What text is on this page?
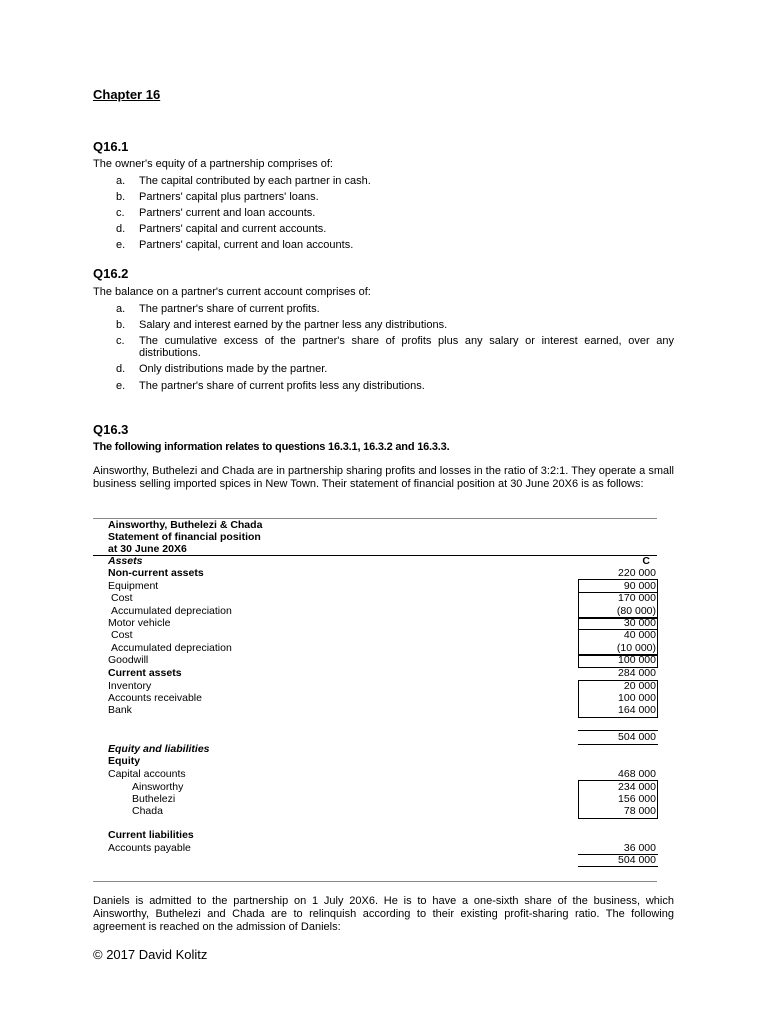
Chapter 16
Q16.1
The owner's equity of a partnership comprises of:
a. The capital contributed by each partner in cash.
b. Partners' capital plus partners' loans.
c. Partners' current and loan accounts.
d. Partners' capital and current accounts.
e. Partners' capital, current and loan accounts.
Q16.2
The balance on a partner's current account comprises of:
a. The partner's share of current profits.
b. Salary and interest earned by the partner less any distributions.
c. The cumulative excess of the partner's share of profits plus any salary or interest earned, over any distributions.
d. Only distributions made by the partner.
e. The partner's share of current profits less any distributions.
Q16.3
The following information relates to questions 16.3.1, 16.3.2 and 16.3.3.
Ainsworthy, Buthelezi and Chada are in partnership sharing profits and losses in the ratio of 3:2:1. They operate a small business selling imported spices in New Town. Their statement of financial position at 30 June 20X6 is as follows:
Ainsworthy, Buthelezi & Chada
Statement of financial position
at 30 June 20X6
Assets	C
Non-current assets	220 000
Equipment	90 000
Cost	170 000
Accumulated depreciation	(80 000)
Motor vehicle	30 000
Cost	40 000
Accumulated depreciation	(10 000)
Goodwill	100 000
Current assets	284 000
Inventory	20 000
Accounts receivable	100 000
Bank	164 000
504 000
Equity and liabilities
Equity
Capital accounts	468 000
Ainsworthy	234 000
Buthelezi	156 000
Chada	78 000
Current liabilities
Accounts payable	36 000
504 000
Daniels is admitted to the partnership on 1 July 20X6. He is to have a one-sixth share of the business, which Ainsworthy, Buthelezi and Chada are to relinquish according to their existing profit-sharing ratio. The following agreement is reached on the admission of Daniels:
© 2017 David Kolitz
